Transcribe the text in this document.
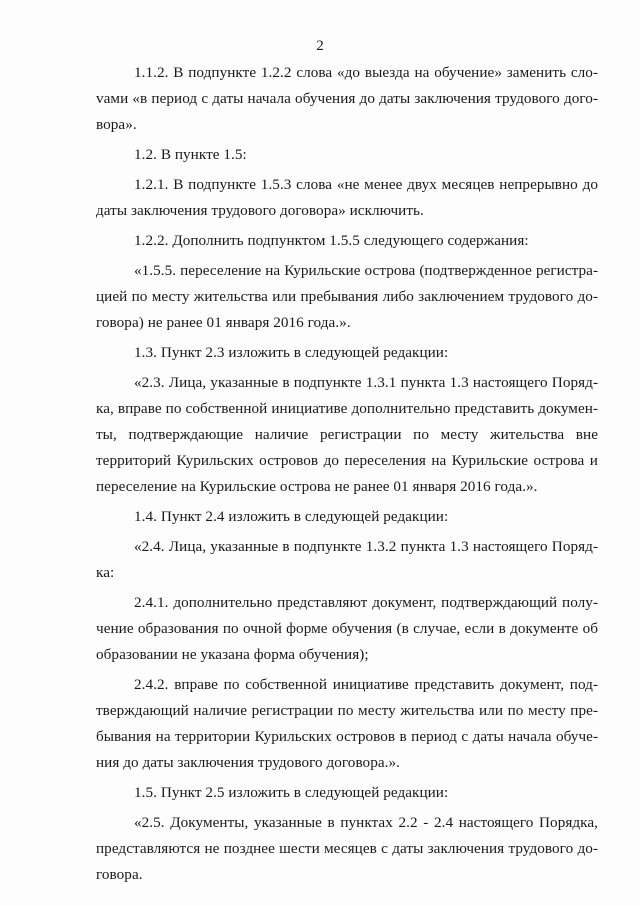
2

1.1.2. В подпункте 1.2.2 слова «до выезда на обучение» заменить слоvами «в период с даты начала обучения до даты заключения трудового договора».

1.2. В пункте 1.5:

1.2.1. В подпункте 1.5.3 слова «не менее двух месяцев непрерывно до даты заключения трудового договора» исключить.

1.2.2. Дополнить подпунктом 1.5.5 следующего содержания:

«1.5.5. переселение на Курильские острова (подтвержденное регистрацией по месту жительства или пребывания либо заключением трудового договора) не ранее 01 января 2016 года.».

1.3. Пункт 2.3 изложить в следующей редакции:

«2.3. Лица, указанные в подпункте 1.3.1 пункта 1.3 настоящего Порядка, вправе по собственной инициативе дополнительно представить документы, подтверждающие наличие регистрации по месту жительства вне территорий Курильских островов до переселения на Курильские острова и переселение на Курильские острова не ранее 01 января 2016 года.».

1.4. Пункт 2.4 изложить в следующей редакции:

«2.4. Лица, указанные в подпункте 1.3.2 пункта 1.3 настоящего Порядка:

2.4.1. дополнительно представляют документ, подтверждающий получение образования по очной форме обучения (в случае, если в документе об образовании не указана форма обучения);

2.4.2. вправе по собственной инициативе представить документ, подтверждающий наличие регистрации по месту жительства или по месту пребывания на территории Курильских островов в период с даты начала обучения до даты заключения трудового договора.».

1.5. Пункт 2.5 изложить в следующей редакции:

«2.5. Документы, указанные в пунктах 2.2 - 2.4 настоящего Порядка, представляются не позднее шести месяцев с даты заключения трудового договора.
